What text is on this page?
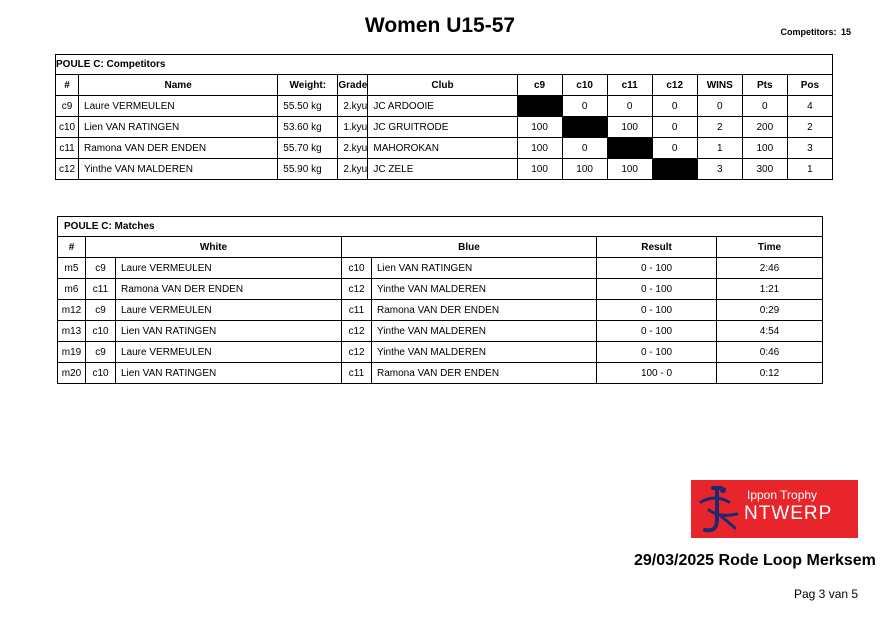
Women U15-57	Competitors: 15
POULE C: Competitors
#	Name	Weight:	Grade	Club	c9	c10	c11	c12	WINS	Pts	Pos
c9	Laure VERMEULEN	55.50 kg	2.kyu	JC ARDOOIE		0	0	0	0	0	4
c10	Lien VAN RATINGEN	53.60 kg	1.kyu	JC GRUITRODE	100		100	0	2	200	2
c11	Ramona VAN DER ENDEN	55.70 kg	2.kyu	MAHOROKAN	100	0		0	1	100	3
c12	Yinthe VAN MALDEREN	55.90 kg	2.kyu	JC ZELE	100	100	100		3	300	1
POULE C: Matches
#	White		Blue		Result	Time
m5	c9	Laure VERMEULEN	c10	Lien VAN RATINGEN	0 - 100	2:46
m6	c11	Ramona VAN DER ENDEN	c12	Yinthe VAN MALDEREN	0 - 100	1:21
m12	c9	Laure VERMEULEN	c11	Ramona VAN DER ENDEN	0 - 100	0:29
m13	c10	Lien VAN RATINGEN	c12	Yinthe VAN MALDEREN	0 - 100	4:54
m19	c9	Laure VERMEULEN	c12	Yinthe VAN MALDEREN	0 - 100	0:46
m20	c10	Lien VAN RATINGEN	c11	Ramona VAN DER ENDEN	100 - 0	0:12
Ippon Trophy
NTWERP
29/03/2025 Rode Loop Merksem
Pag 3 van 5
